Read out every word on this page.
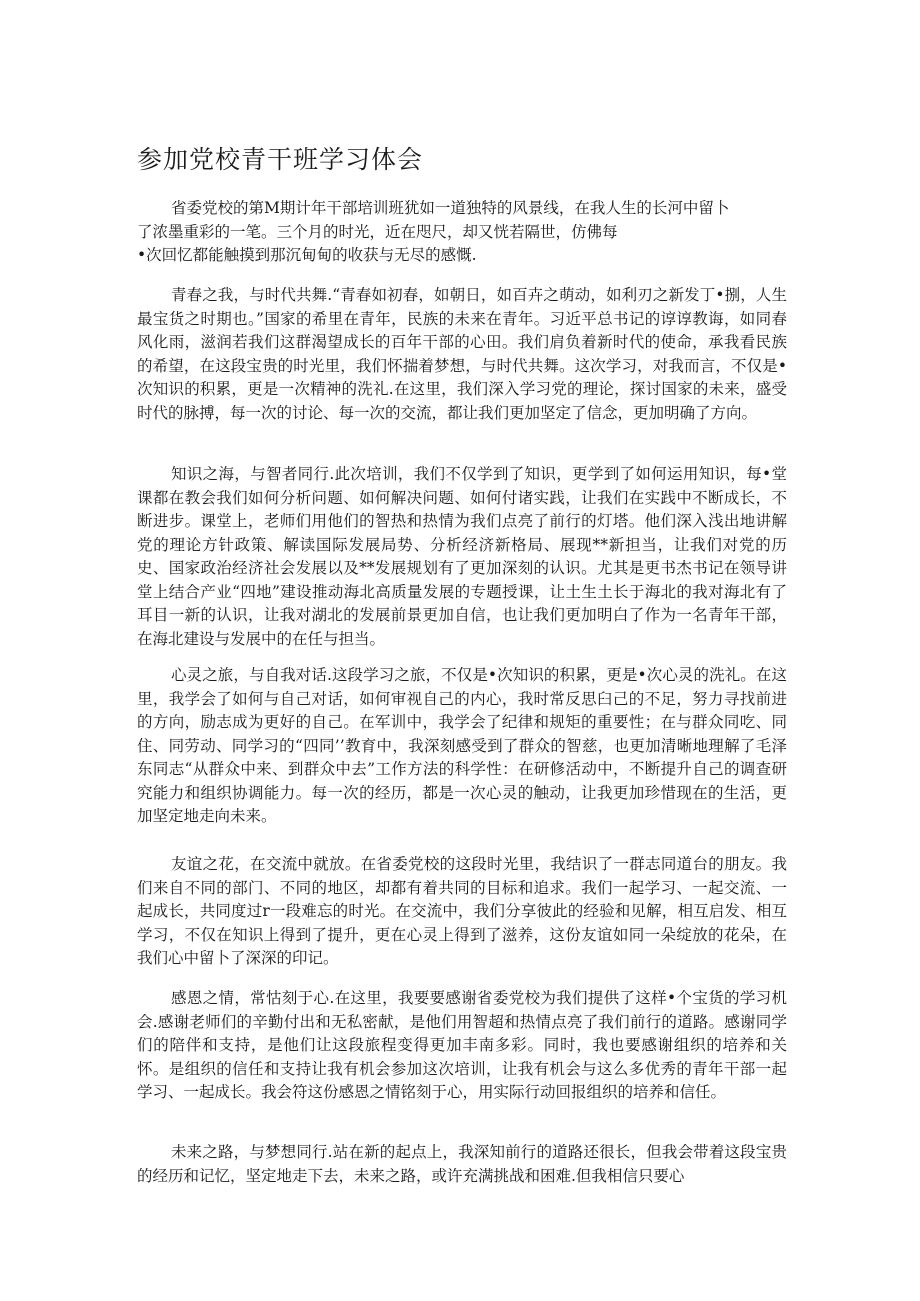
参加党校青干班学习体会

省委党校的第M期计年干部培训班犹如一道独特的风景线，在我人生的长河中留卜

了浓墨重彩的一笔。三个月的时光，近在咫尺，却又恍若隔世，仿佛每

•次回忆都能触摸到那沉甸甸的收获与无尽的感慨.

青春之我，与时代共舞.“青春如初春，如朝日，如百卉之萌动，如利刃之新发丁•捌，人生最宝货之时期也。”国家的希里在青年，民族的未来在青年。习近平总书记的谆谆教诲，如同春风化雨，滋润若我们这群渴望成长的百年干部的心田。我们肩负着新时代的使命，承我看民族的希望，在这段宝贵的时光里，我们怀揣着梦想，与时代共舞。这次学习，对我而言，不仅是•次知识的积累，更是一次精神的洗礼.在这里，我们深入学习党的理论，探讨国家的未来，盛受时代的脉搏，每一次的讨论、每一次的交流，都让我们更加坚定了信念，更加明确了方向。

知识之海，与智者同行.此次培训，我们不仅学到了知识，更学到了如何运用知识，每•堂课都在教会我们如何分析问题、如何解决问题、如何付诸实践，让我们在实践中不断成长，不断进步。课堂上，老师们用他们的智热和热情为我们点亮了前行的灯塔。他们深入浅出地讲解党的理论方针政策、解读国际发展局势、分析经济新格局、展现**新担当，让我们对党的历史、国家政治经济社会发展以及**发展规划有了更加深刻的认识。尤其是更书杰书记在领导讲堂上结合产业“四地”建设推动海北高质量发展的专题授课，让土生土长于海北的我对海北有了耳目一新的认识，让我对湖北的发展前景更加自信，也让我们更加明白了作为一名青年干部，在海北建设与发展中的在任与担当。

心灵之旅，与自我对话.这段学习之旅，不仅是•次知识的积累，更是•次心灵的洗礼。在这里，我学会了如何与自己对话，如何审视自己的内心，我时常反思臼己的不足，努力寻找前进的方向，励志成为更好的自己。在军训中，我学会了纪律和规矩的重要性；在与群众同吃、同住、同劳动、同学习的“四同’’教育中，我深刻感受到了群众的智慈，也更加清晰地理解了毛泽东同志“从群众中来、到群众中去”工作方法的科学性：在研修活动中，不断提升自己的调查研究能力和组织协调能力。每一次的经历，都是一次心灵的触动，让我更加珍惜现在的生活，更加坚定地走向未来。

友谊之花，在交流中就放。在省委党校的这段时光里，我结识了一群志同道台的朋友。我们来自不同的部门、不同的地区，却都有着共同的目标和追求。我们一起学习、一起交流、一起成长，共同度过r一段难忘的时光。在交流中，我们分享彼此的经验和见解，相互启发、相互学习，不仅在知识上得到了提升，更在心灵上得到了滋养，这份友谊如同一朵绽放的花朵，在我们心中留卜了深深的印记。

感恩之情，常怙刻于心.在这里，我要要感谢省委党校为我们提供了这样•个宝货的学习机会.感谢老师们的辛勤付出和无私密献，是他们用智超和热情点亮了我们前行的道路。感谢同学们的陪伴和支持，是他们让这段旅程变得更加丰南多彩。同时，我也要感谢组织的培养和关怀。是组织的信任和支持让我有机会参加这次培训，让我有机会与这么多优秀的青年干部一起学习、一起成长。我会符这份感恩之情铭刻于心，用实际行动回报组织的培养和信任。

未来之路，与梦想同行.站在新的起点上，我深知前行的道路还很长，但我会带着这段宝贵的经历和记忆，坚定地走下去，未来之路，或许充满挑战和困难.但我相信只要心
